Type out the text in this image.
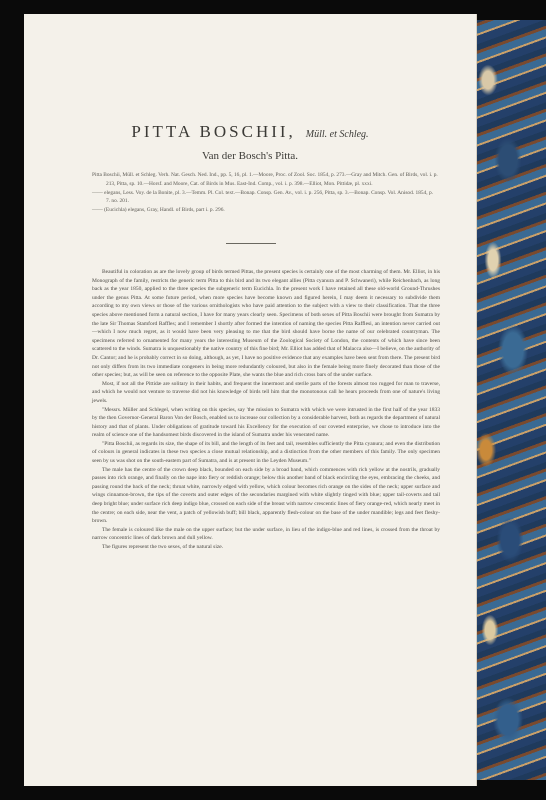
PITTA BOSCHII, Müll. et Schleg.
Van der Bosch's Pitta.

Pitta Boschii, Müll. et Schleg. Verh. Nat. Gesch. Ned. Ind., pp. 5, 16, pl. 1.—Moore, Proc. of Zool. Soc. 1854, p. 273.—Gray and Mitch. Gen. of Birds, vol. i. p. 213, Pitta, sp. 10.—Horsf. and Moore, Cat. of Birds in Mus. East-Ind. Comp., vol. i. p. 398.—Elliot, Mon. Pittidæ, pl. xxxi.

—— elegans, Less. Voy. de la Bonite, pl. 3.—Temm. Pl. Col. text.—Bonap. Consp. Gen. Av., vol. i. p. 256, Pitta, sp. 3.—Bonap. Consp. Vol. Anisod. 1854, p. 7. no. 201.

—— (Eucichla) elegans, Gray, Handl. of Birds, part i. p. 296.

Beautiful in coloration as are the lovely group of birds termed Pittas, the present species is certainly one of the most charming of them. Mr. Elliot, in his Monograph of the family, restricts the generic term Pitta to this bird and its two elegant allies (Pitta cyanura and P. Schwaneri), while Reichenbach, as long back as the year 1850, applied to the three species the subgeneric term Eucichla. In the present work I have retained all these old-world Ground-Thrushes under the genus Pitta. At some future period, when more species have become known and figured herein, I may deem it necessary to subdivide them according to my own views or those of the various ornithologists who have paid attention to the subject with a view to their classification. That the three species above mentioned form a natural section, I have for many years clearly seen. Specimens of both sexes of Pitta Boschii were brought from Sumatra by the late Sir Thomas Stamford Raffles; and I remember I shortly after formed the intention of naming the species Pitta Rafflesi, an intention never carried out—which I now much regret, as it would have been very pleasing to me that the bird should have borne the name of our celebrated countryman. The specimens referred to ornamented for many years the interesting Museum of the Zoological Society of London, the contents of which have since been scattered to the winds. Sumatra is unquestionably the native country of this fine bird; Mr. Elliot has added that of Malacca also—I believe, on the authority of Dr. Cantor; and he is probably correct in so doing, although, as yet, I have no positive evidence that any examples have been sent from there. The present bird not only differs from its two immediate congeners in being more redundantly coloured, but also in the female being more finely decorated than those of the other species; but, as will be seen on reference to the opposite Plate, she wants the blue and rich cross bars of the under surface.

Most, if not all the Pittidæ are solitary in their habits, and frequent the innermost and sterile parts of the forests almost too rugged for man to traverse, and which he would not venture to traverse did not his knowledge of birds tell him that the monotonous call he hears proceeds from one of nature's living jewels.

"Messrs. Müller and Schlegel, when writing on this species, say 'the mission to Sumatra with which we were intrusted in the first half of the year 1833 by the then Governor-General Baron Von der Bosch, enabled us to increase our collection by a considerable harvest, both as regards the department of natural history and that of plants. Under obligations of gratitude toward his Excellency for the execution of our coveted enterprise, we chose to introduce into the realm of science one of the handsomest birds discovered in the island of Sumatra under his venerated name.

"Pitta Boschii, as regards its size, the shape of its bill, and the length of its feet and tail, resembles sufficiently the Pitta cyanura; and even the distribution of colours in general indicates in these two species a close mutual relationship, and a distinction from the other members of this family. The only specimen seen by us was shot on the south-eastern part of Sumatra, and is at present in the Leyden Museum."

The male has the centre of the crown deep black, bounded on each side by a broad band, which commences with rich yellow at the nostrils, gradually passes into rich orange, and finally on the nape into fiery or reddish orange; below this another band of black encircling the eyes, embracing the cheeks, and passing round the back of the neck; throat white, narrowly edged with yellow, which colour becomes rich orange on the sides of the neck; upper surface and wings cinnamon-brown, the tips of the coverts and outer edges of the secondaries margined with white slightly tinged with blue; upper tail-coverts and tail deep bright blue; under surface rich deep indigo blue, crossed on each side of the breast with narrow crescentic lines of fiery orange-red, which nearly meet in the centre; on each side, near the vent, a patch of yellowish buff; bill black, apparently flesh-colour on the base of the under mandible; legs and feet fleshy-brown.

The female is coloured like the male on the upper surface; but the under surface, in lieu of the indigo-blue and red lines, is crossed from the throat by narrow concentric lines of dark brown and dull yellow.

The figures represent the two sexes, of the natural size.
